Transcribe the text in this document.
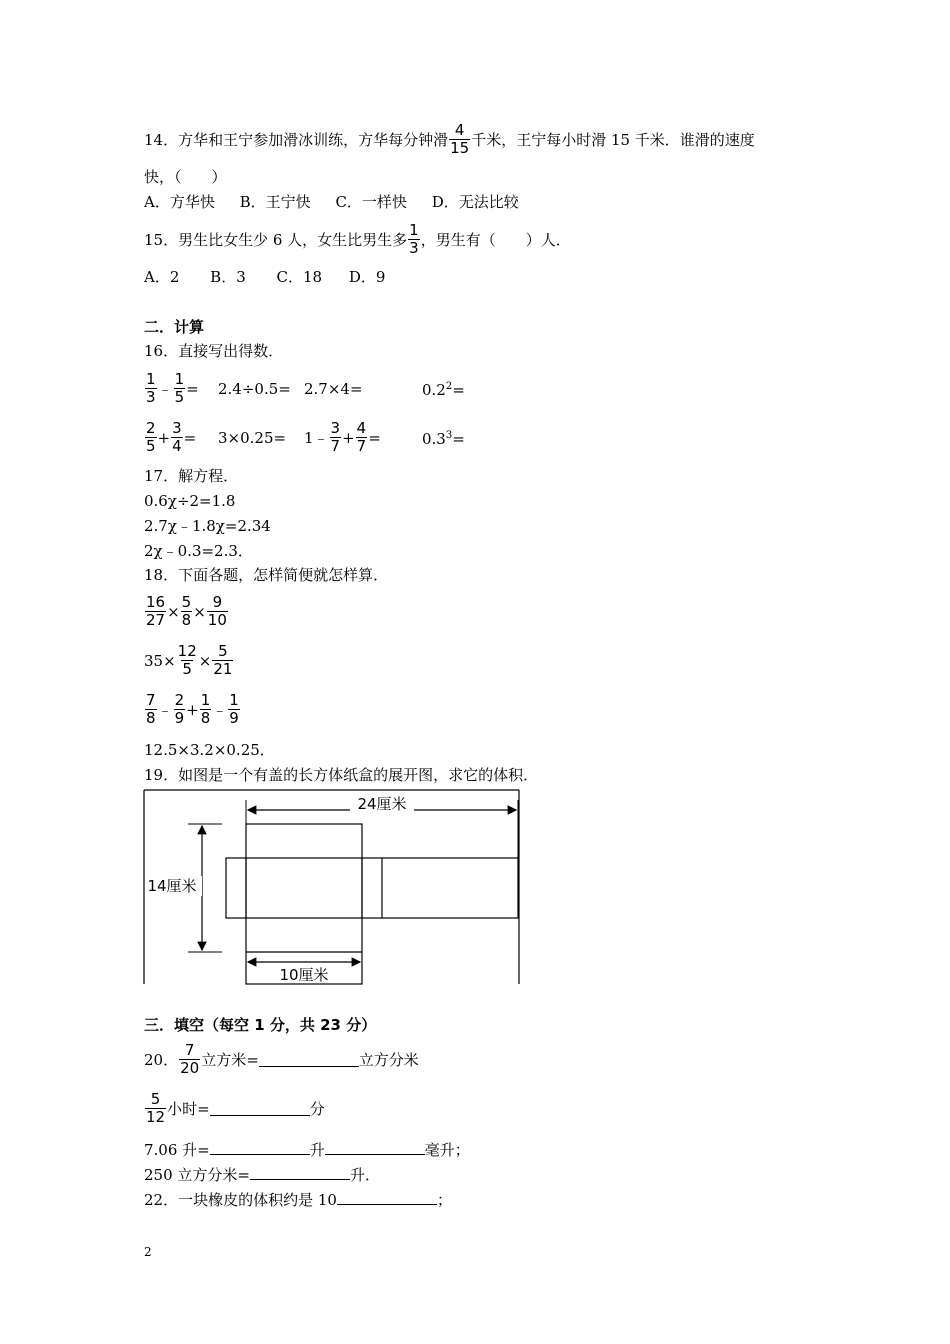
14．方华和王宁参加滑冰训练，方华每分钟滑 $\frac{4}{15}$ 千米，王宁每小时滑 15 千米．谁滑的速度
快，（　　）
A．方华快 B．王宁快 C．一样快 D．无法比较
15．男生比女生少 6 人，女生比男生多 $\frac{1}{3}$ ，男生有（　　）人．
A．2 B．3 C．18 D．9
二．计算
16．直接写出得数．
$\frac{1}{3}$ ﹣ $\frac{1}{5} = 2.4\div 0.5= 2.7\times 4=$	$0.2^2=$
$\frac{2}{5} + \frac{3}{4} = 3\times 0.25=$ 1﹣ $\frac{3}{7} + \frac{4}{7}$ =	$0.3^3=$
17．解方程．
0.6χ÷2=1.8
2.7χ﹣1.8χ=2.34
2χ﹣0.3=2.3．
18．下面各题，怎样简便就怎样算．
$\frac{16}{27} \times \frac{5}{8} \times \frac{9}{10}$
$35\times \frac{12}{5} \times \frac{5}{21}$
$\frac{7}{8}$ ﹣ $\frac{2}{9} + \frac{1}{8}$ ﹣ $\frac{1}{9}$
12.5×3.2×0.25．
19．如图是一个有盖的长方体纸盒的展开图，求它的体积．
24厘米
14厘米
10厘米
三．填空（每空 1 分，共 23 分）
20． $\frac{7}{20}$ 立方米=	立方分米
$\frac{5}{12}$ 小时=	分
7.06 升=	升	毫升；
250 立方分米=	升．
22．一块橡皮的体积约是 10	；
2
